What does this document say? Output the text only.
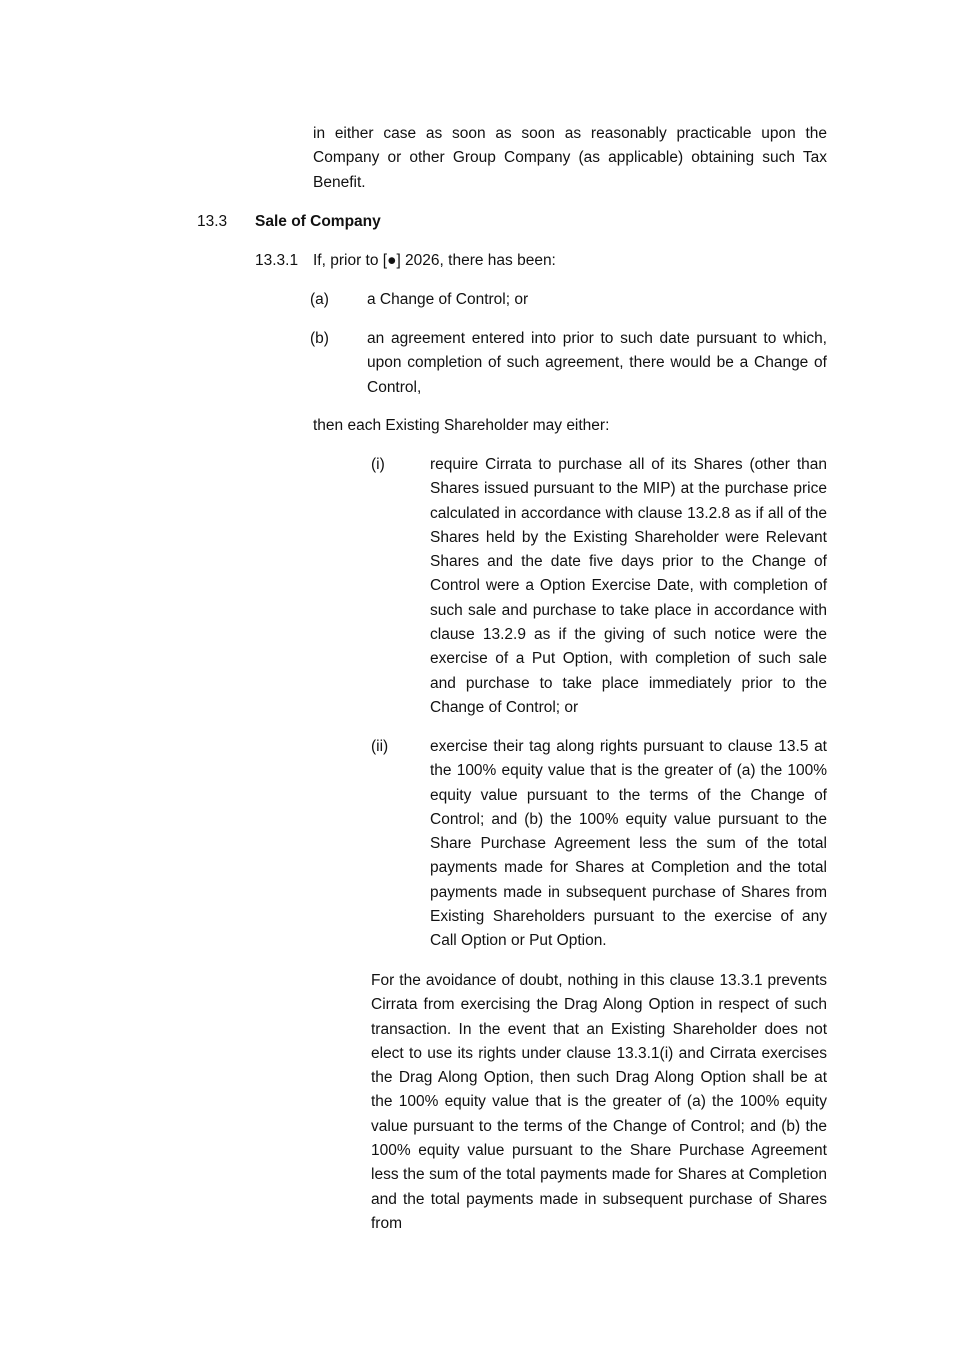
in either case as soon as soon as reasonably practicable upon the Company or other Group Company (as applicable) obtaining such Tax Benefit.
13.3 Sale of Company
13.3.1 If, prior to [●] 2026, there has been:
(a) a Change of Control; or
(b) an agreement entered into prior to such date pursuant to which, upon completion of such agreement, there would be a Change of Control,
then each Existing Shareholder may either:
(i)	require Cirrata to purchase all of its Shares (other than Shares issued pursuant to the MIP) at the purchase price calculated in accordance with clause 13.2.8 as if all of the Shares held by the Existing Shareholder were Relevant Shares and the date five days prior to the Change of Control were a Option Exercise Date, with completion of such sale and purchase to take place in accordance with clause 13.2.9 as if the giving of such notice were the exercise of a Put Option, with completion of such sale and purchase to take place immediately prior to the Change of Control; or
(ii)	exercise their tag along rights pursuant to clause 13.5 at the 100% equity value that is the greater of (a) the 100% equity value pursuant to the terms of the Change of Control; and (b) the 100% equity value pursuant to the Share Purchase Agreement less the sum of the total payments made for Shares at Completion and the total payments made in subsequent purchase of Shares from Existing Shareholders pursuant to the exercise of any Call Option or Put Option.
For the avoidance of doubt, nothing in this clause 13.3.1 prevents Cirrata from exercising the Drag Along Option in respect of such transaction. In the event that an Existing Shareholder does not elect to use its rights under clause 13.3.1(i) and Cirrata exercises the Drag Along Option, then such Drag Along Option shall be at the 100% equity value that is the greater of (a) the 100% equity value pursuant to the terms of the Change of Control; and (b) the 100% equity value pursuant to the Share Purchase Agreement less the sum of the total payments made for Shares at Completion and the total payments made in subsequent purchase of Shares from
